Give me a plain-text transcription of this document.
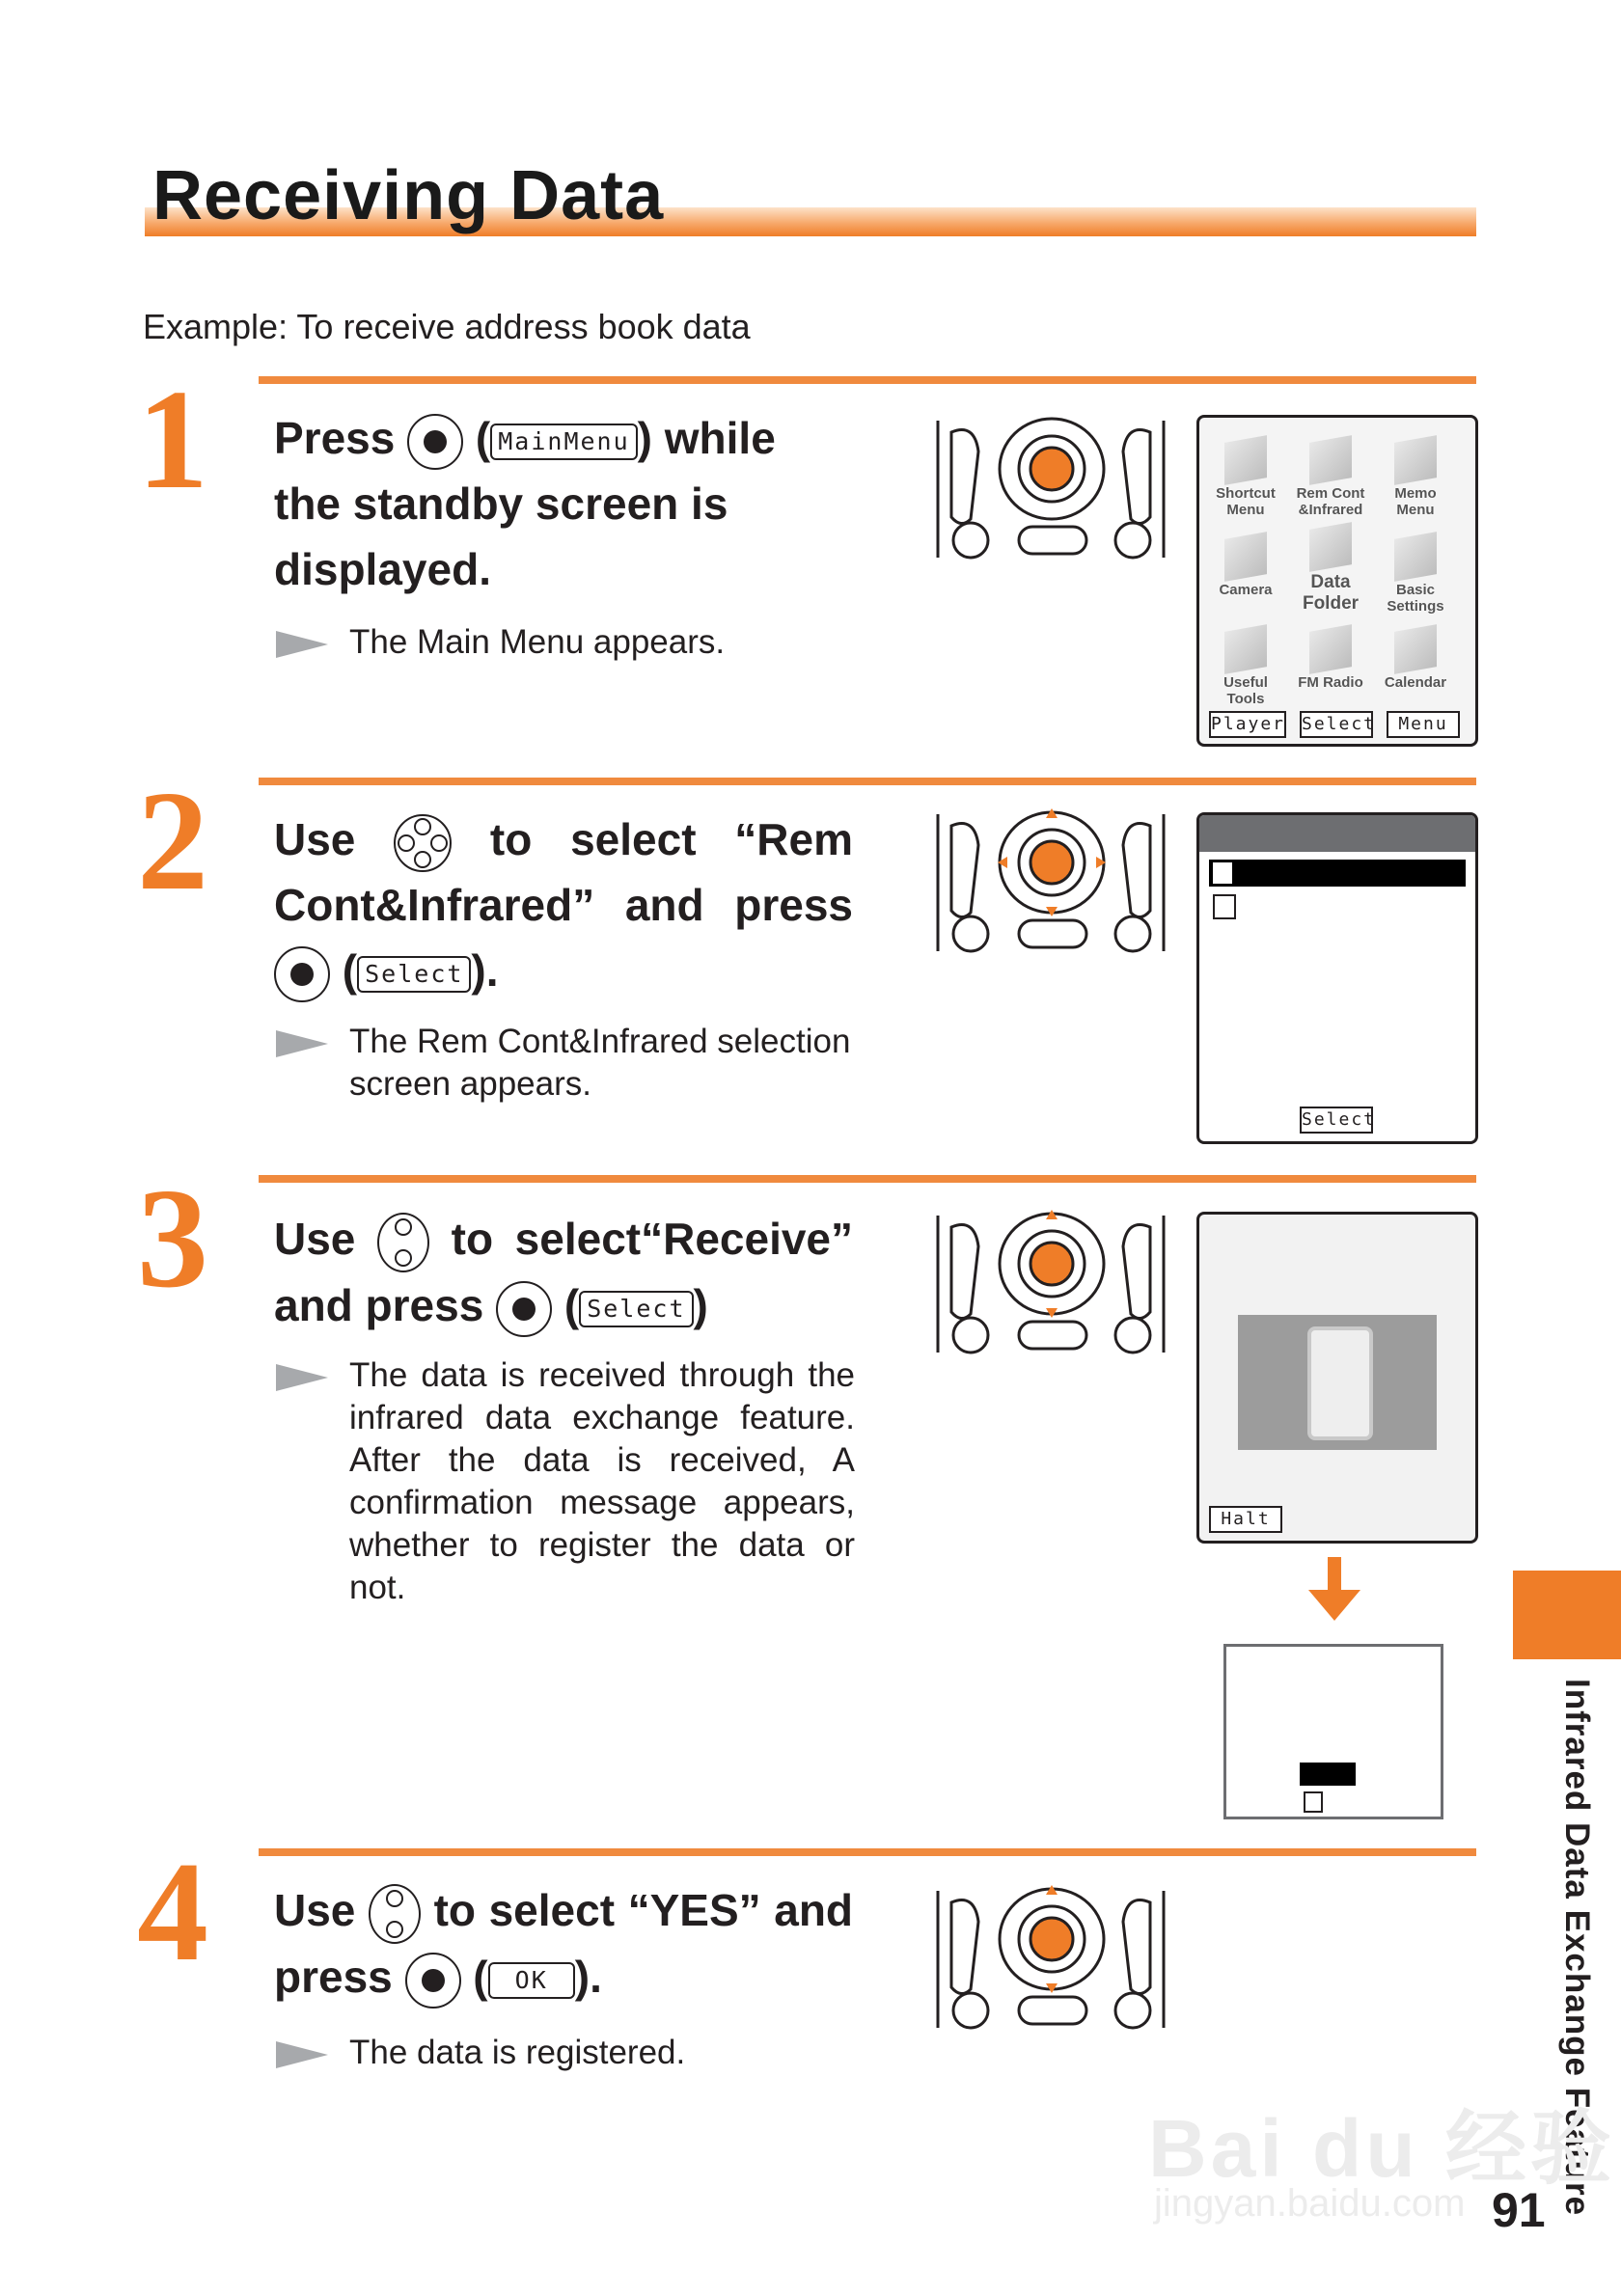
Receiving Data
Example: To receive address book data
1 Press  ( MainMenu ) while the standby screen is displayed.
The Main Menu appears.
2 Use	to select “Rem Cont&Infrared” and press  ( Select ).
The Rem Cont&Infrared selection screen appears.
3 Use to select“Receive” and press  ( Select )
The data is received through the infrared data exchange feature. After the data is received, A confirmation message appears, whether to register the data or not.
4 Use to select “YES” and press  ( OK ).
The data is registered.
Shortcut Menu
Rem Cont &Infrared
Memo Menu
Camera	Data Folder
Basic Settings
Useful Tools
FM Radio	Calendar
Player Select	Menu
Select
Halt
Infrared Data Exchange Feature
Bai du 经验
jingyan.baidu.com 91
